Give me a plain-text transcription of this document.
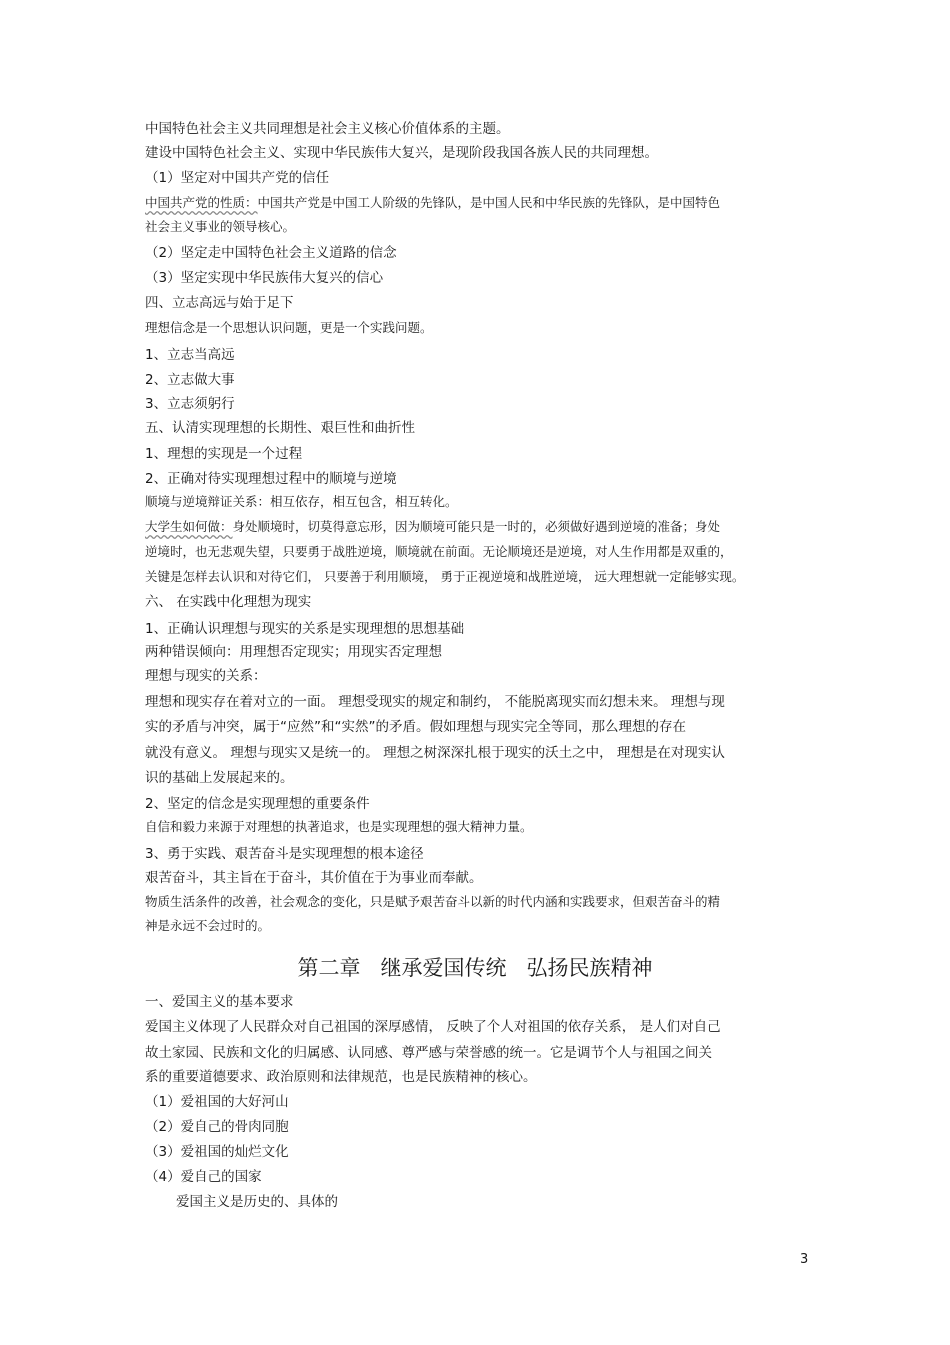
中国特色社会主义共同理想是社会主义核心价值体系的主题。
建设中国特色社会主义、实现中华民族伟大复兴，是现阶段我国各族人民的共同理想。
（1）坚定对中国共产党的信任
中国共产党的性质：中国共产党是中国工人阶级的先锋队，是中国人民和中华民族的先锋队，是中国特色
社会主义事业的领导核心。
（2）坚定走中国特色社会主义道路的信念
（3）坚定实现中华民族伟大复兴的信心
四、立志高远与始于足下
理想信念是一个思想认识问题，更是一个实践问题。
1、立志当高远
2、立志做大事
3、立志须躬行
五、认清实现理想的长期性、艰巨性和曲折性
1、理想的实现是一个过程
2、正确对待实现理想过程中的顺境与逆境
顺境与逆境辩证关系：相互依存，相互包含，相互转化。
大学生如何做：身处顺境时，切莫得意忘形，因为顺境可能只是一时的，必须做好遇到逆境的准备；身处
逆境时，也无悲观失望，只要勇于战胜逆境，顺境就在前面。无论顺境还是逆境，对人生作用都是双重的，
关键是怎样去认识和对待它们， 只要善于利用顺境， 勇于正视逆境和战胜逆境， 远大理想就一定能够实现。
六、 在实践中化理想为现实
1、正确认识理想与现实的关系是实现理想的思想基础
两种错误倾向：用理想否定现实；用现实否定理想
理想与现实的关系：
理想和现实存在着对立的一面。 理想受现实的规定和制约， 不能脱离现实而幻想未来。 理想与现
实的矛盾与冲突，属于“应然”和“实然”的矛盾。假如理想与现实完全等同，那么理想的存在
就没有意义。 理想与现实又是统一的。 理想之树深深扎根于现实的沃土之中， 理想是在对现实认
识的基础上发展起来的。
2、坚定的信念是实现理想的重要条件
自信和毅力来源于对理想的执著追求，也是实现理想的强大精神力量。
3、勇于实践、艰苦奋斗是实现理想的根本途径
艰苦奋斗，其主旨在于奋斗，其价值在于为事业而奉献。
物质生活条件的改善，社会观念的变化，只是赋予艰苦奋斗以新的时代内涵和实践要求，但艰苦奋斗的精
神是永远不会过时的。
第二章   继承爱国传统   弘扬民族精神
一、爱国主义的基本要求
爱国主义体现了人民群众对自己祖国的深厚感情， 反映了个人对祖国的依存关系， 是人们对自己
故土家园、民族和文化的归属感、认同感、尊严感与荣誉感的统一。它是调节个人与祖国之间关
系的重要道德要求、政治原则和法律规范，也是民族精神的核心。
（1）爱祖国的大好河山
（2）爱自己的骨肉同胞
（3）爱祖国的灿烂文化
（4）爱自己的国家
爱国主义是历史的、具体的
3
